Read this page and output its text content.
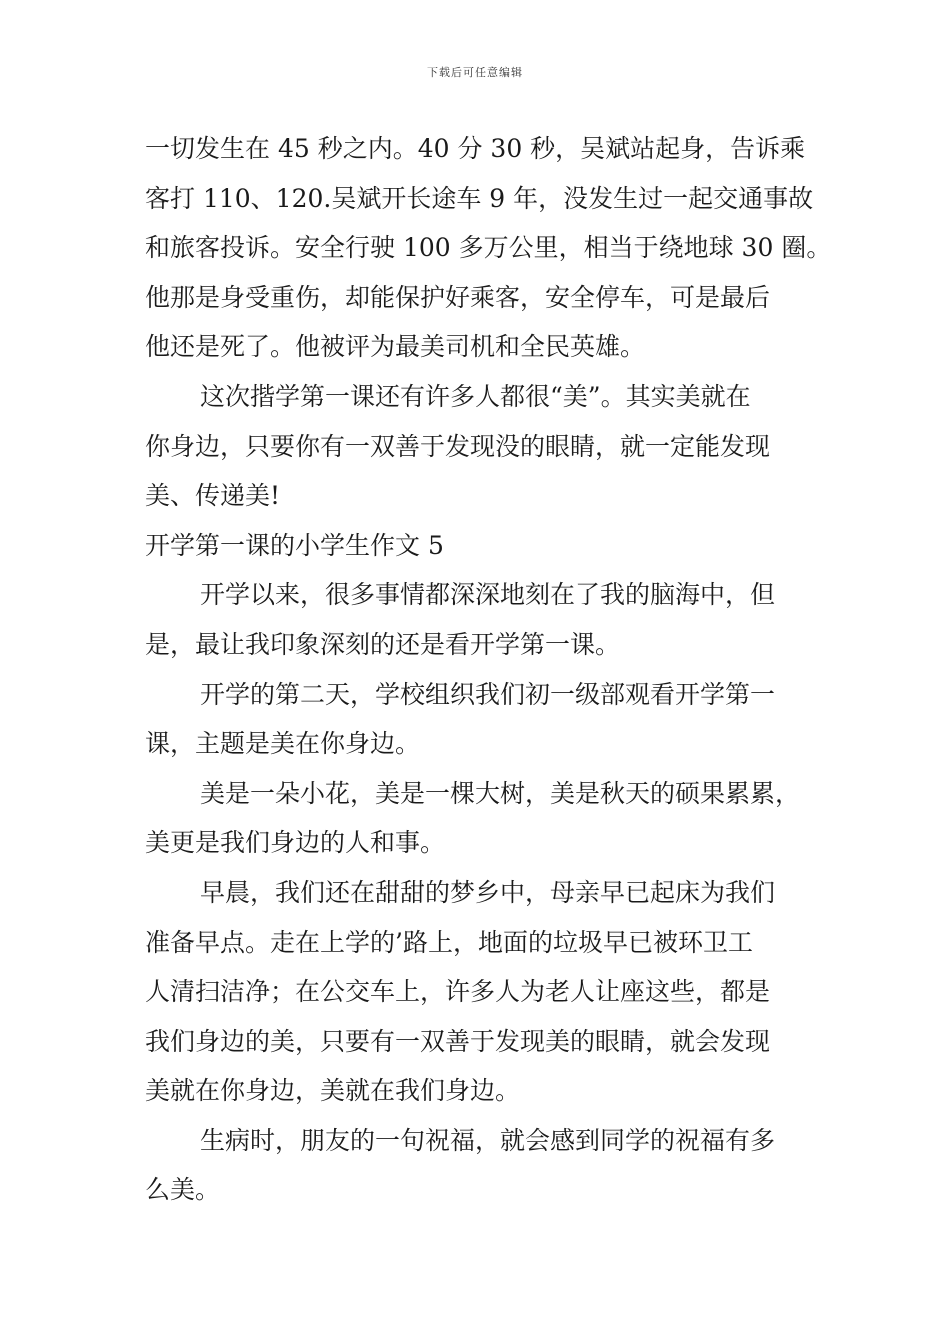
下载后可任意编辑
一切发生在 45 秒之内。40 分 30 秒，吴斌站起身，告诉乘
客打 110、120.吴斌开长途车 9 年，没发生过一起交通事故
和旅客投诉。安全行驶 100 多万公里，相当于绕地球 30 圈。
他那是身受重伤，却能保护好乘客，安全停车，可是最后
他还是死了。他被评为最美司机和全民英雄。
这次揩学第一课还有许多人都很“美”。其实美就在
你身边，只要你有一双善于发现没的眼睛，就一定能发现
美、传递美!
开学第一课的小学生作文 5
开学以来，很多事情都深深地刻在了我的脑海中，但
是，最让我印象深刻的还是看开学第一课。
开学的第二天，学校组织我们初一级部观看开学第一
课，主题是美在你身边。
美是一朵小花，美是一棵大树，美是秋天的硕果累累，
美更是我们身边的人和事。
早晨，我们还在甜甜的梦乡中，母亲早已起床为我们
准备早点。走在上学的’路上，地面的垃圾早已被环卫工
人清扫洁净；在公交车上，许多人为老人让座这些，都是
我们身边的美，只要有一双善于发现美的眼睛，就会发现
美就在你身边，美就在我们身边。
生病时，朋友的一句祝福，就会感到同学的祝福有多
么美。
